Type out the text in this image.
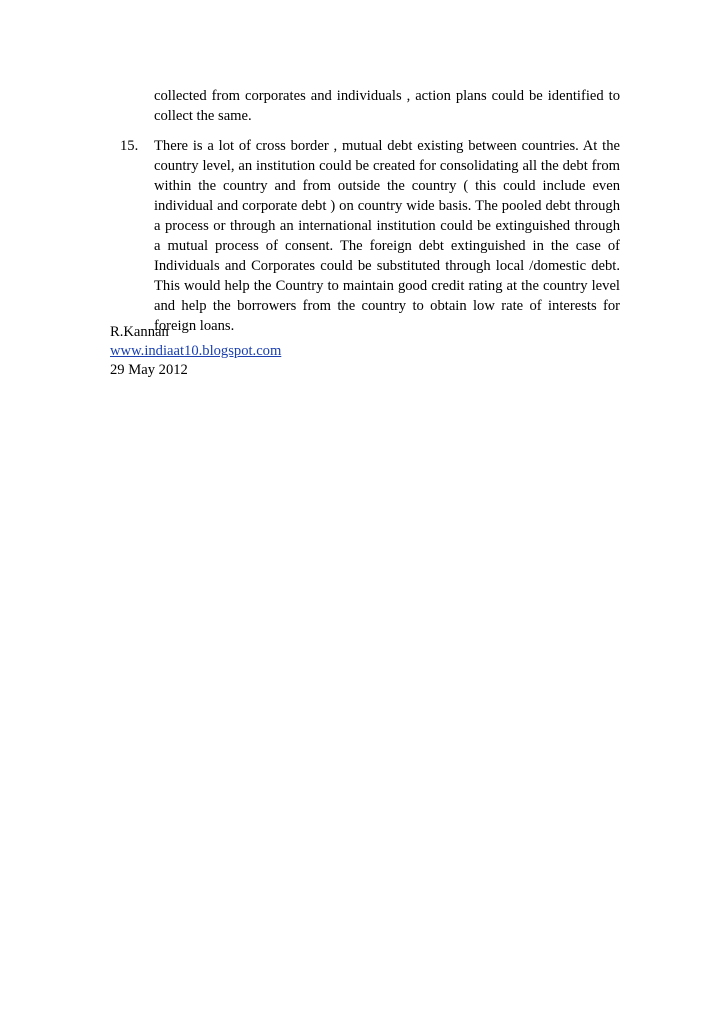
collected from corporates and individuals , action plans could be identified to collect the same.
15.	There is a lot of cross border , mutual debt existing between countries. At the country level, an institution could be created for consolidating all the debt from within the country and from outside the country ( this could include even individual and corporate debt ) on country wide basis. The pooled debt through a process or through an international institution could be extinguished through a mutual process of consent. The foreign debt extinguished in the case of Individuals and Corporates could be substituted through local /domestic debt. This would help the Country to maintain good credit rating at the country level and help the borrowers from the country to obtain low rate of interests for foreign loans.
R.Kannan
www.indiaat10.blogspot.com
29 May 2012
